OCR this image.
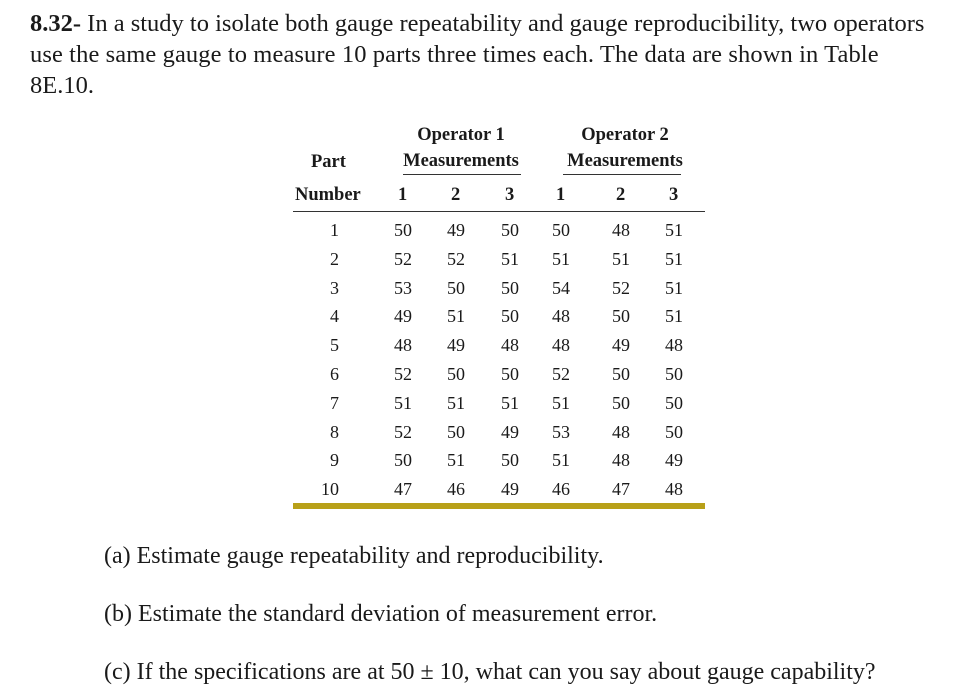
8.32- In a study to isolate both gauge repeatability and gauge reproducibility, two operators
use the same gauge to measure 10 parts three times each. The data are shown in Table
8E.10.
Operator 1	Operator 2
Part	Measurements	Measurements
Number 1 2 3 1	2 3
1	50	49	50	50	48	51
2	52	52	51	51	51	51
3	53	50	50	54	52	51
4	49	51	50	48	50	51
5	48	49	48	48	49	48
6	52	50	50	52	50	50
7	51	51	51	51	50	50
8	52	50	49	53	48	50
9	50	51	50	51	48	49
10	47	46	49	46	47	48
(a) Estimate gauge repeatability and reproducibility.
(b) Estimate the standard deviation of measurement error.
(c) If the specifications are at 50 ± 10, what can you say about gauge capability?
